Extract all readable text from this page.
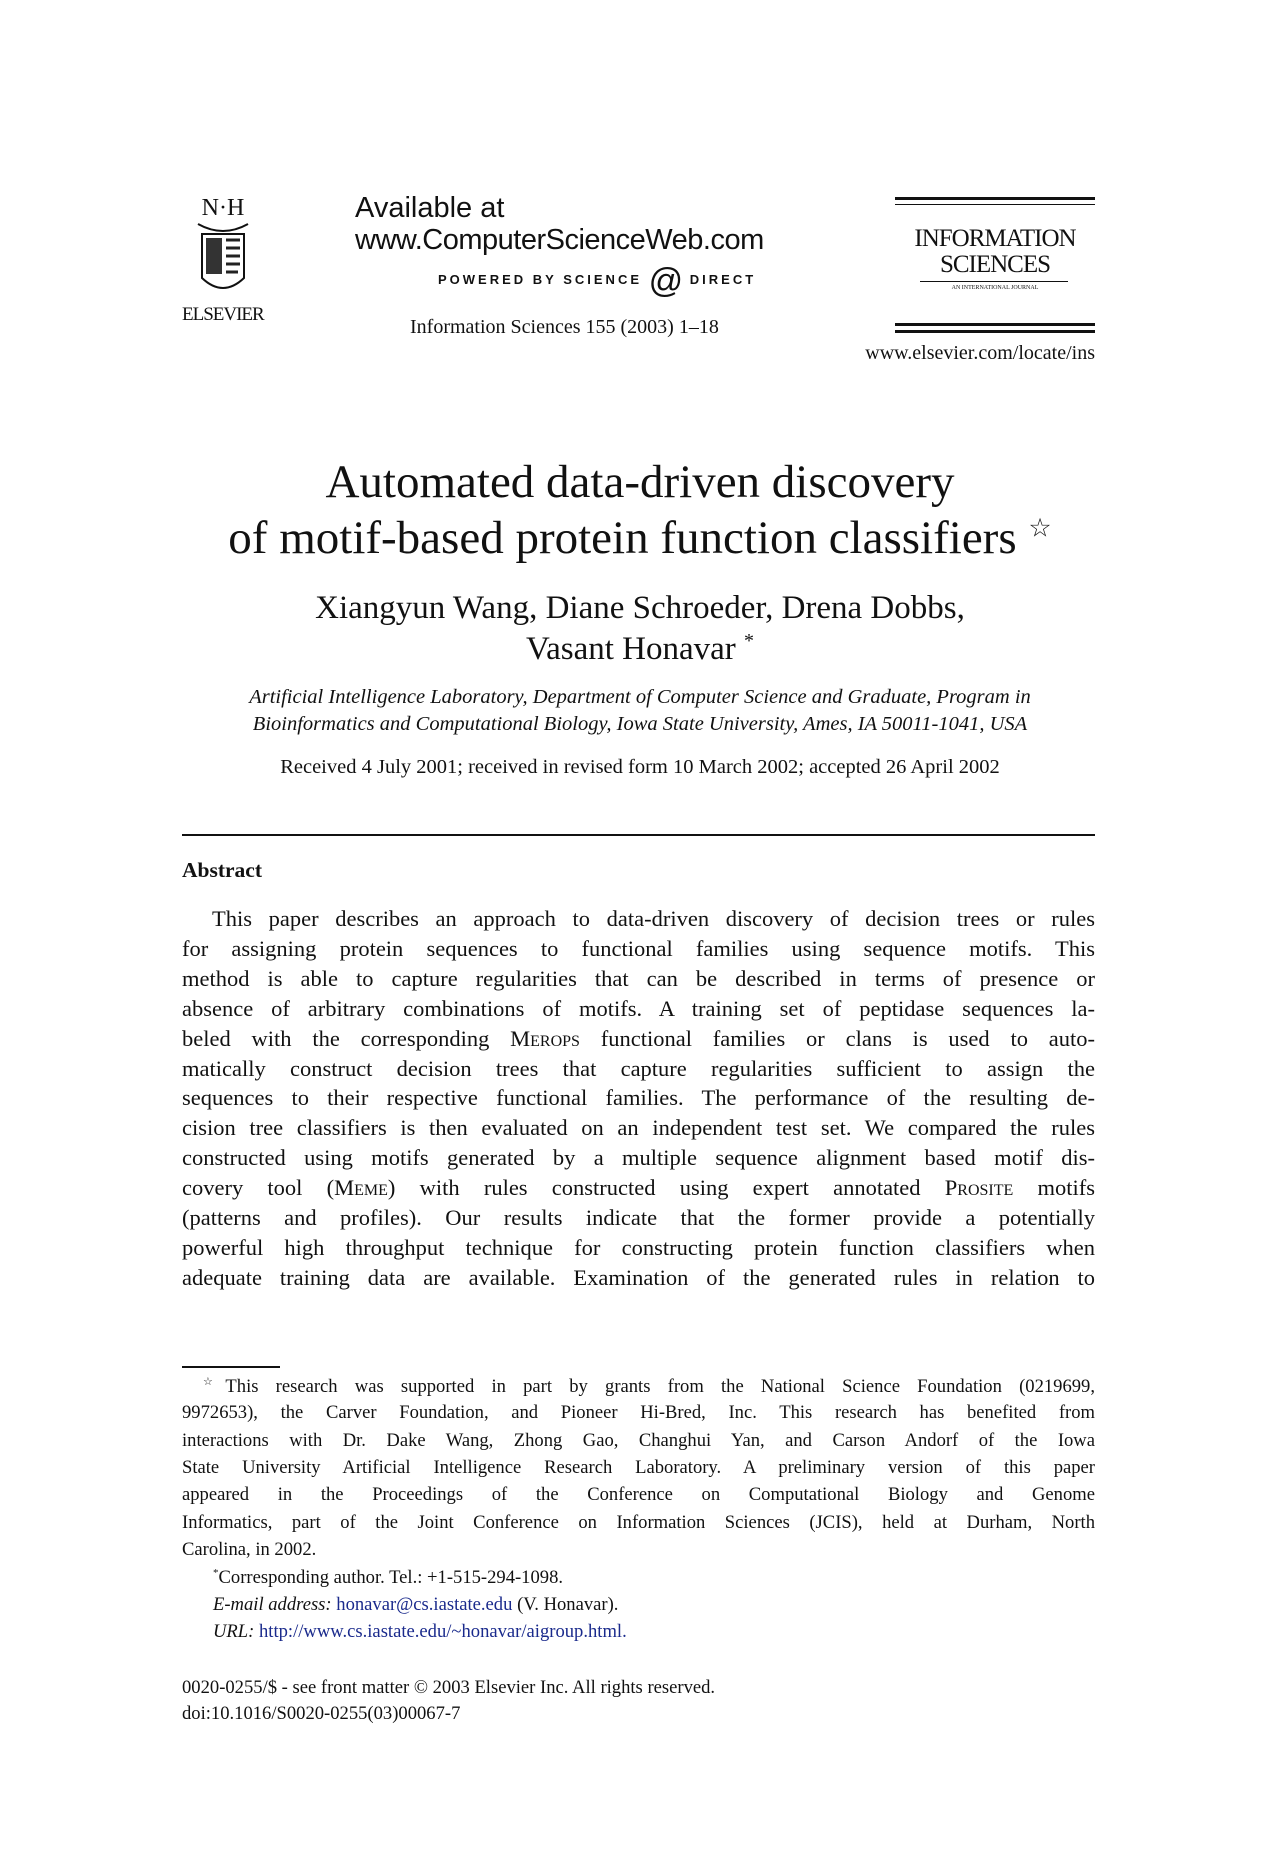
N·H
ELSEVIER
Available at
www.ComputerScienceWeb.com
POWERED BY SCIENCE @ DIRECT
Information Sciences 155 (2003) 1–18
INFORMATION
SCIENCES
AN INTERNATIONAL JOURNAL
www.elsevier.com/locate/ins
Automated data-driven discovery
of motif-based protein function classifiers ☆
Xiangyun Wang, Diane Schroeder, Drena Dobbs,
Vasant Honavar *
Artificial Intelligence Laboratory, Department of Computer Science and Graduate, Program in
Bioinformatics and Computational Biology, Iowa State University, Ames, IA 50011-1041, USA
Received 4 July 2001; received in revised form 10 March 2002; accepted 26 April 2002
Abstract
This paper describes an approach to data-driven discovery of decision trees or rules
for assigning protein sequences to functional families using sequence motifs. This
method is able to capture regularities that can be described in terms of presence or
absence of arbitrary combinations of motifs. A training set of peptidase sequences la-
beled with the corresponding Merops functional families or clans is used to auto-
matically construct decision trees that capture regularities sufficient to assign the
sequences to their respective functional families. The performance of the resulting de-
cision tree classifiers is then evaluated on an independent test set. We compared the rules
constructed using motifs generated by a multiple sequence alignment based motif dis-
covery tool (Meme) with rules constructed using expert annotated Prosite motifs
(patterns and profiles). Our results indicate that the former provide a potentially
powerful high throughput technique for constructing protein function classifiers when
adequate training data are available. Examination of the generated rules in relation to
☆This research was supported in part by grants from the National Science Foundation (0219699,
9972653), the Carver Foundation, and Pioneer Hi-Bred, Inc. This research has benefited from
interactions with Dr. Dake Wang, Zhong Gao, Changhui Yan, and Carson Andorf of the Iowa
State University Artificial Intelligence Research Laboratory. A preliminary version of this paper
appeared in the Proceedings of the Conference on Computational Biology and Genome
Informatics, part of the Joint Conference on Information Sciences (JCIS), held at Durham, North
Carolina, in 2002.
*Corresponding author. Tel.: +1-515-294-1098.
E-mail address: honavar@cs.iastate.edu (V. Honavar).
URL: http://www.cs.iastate.edu/~honavar/aigroup.html.
0020-0255/$ - see front matter © 2003 Elsevier Inc. All rights reserved.
doi:10.1016/S0020-0255(03)00067-7
